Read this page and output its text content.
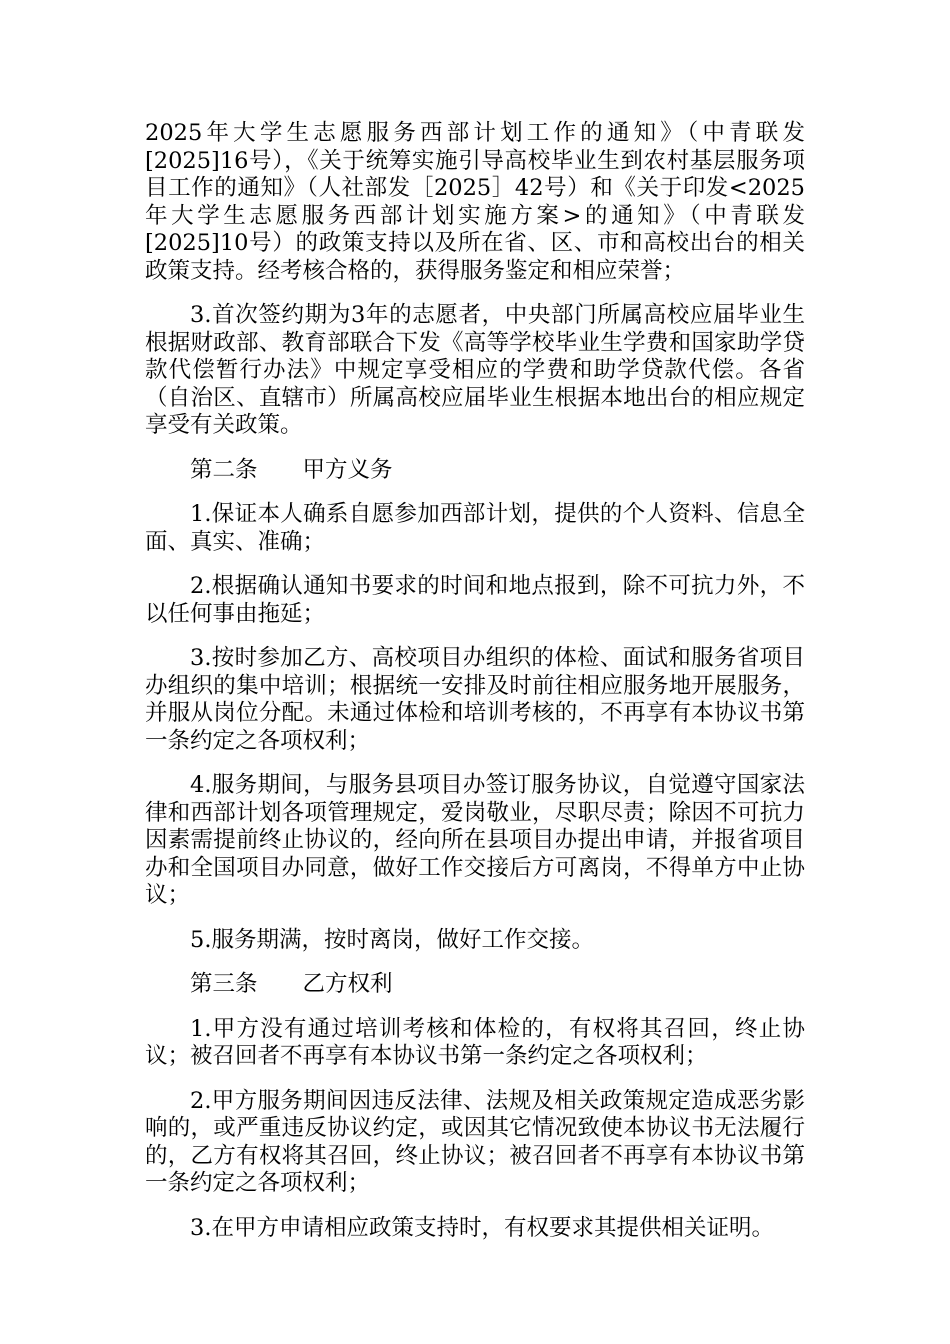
2025年大学生志愿服务西部计划工作的通知》（中青联发[2025]16号），《关于统筹实施引导高校毕业生到农村基层服务项目工作的通知》（人社部发［2025］42号）和《关于印发<2025年大学生志愿服务西部计划实施方案>的通知》（中青联发[2025]10号）的政策支持以及所在省、区、市和高校出台的相关政策支持。经考核合格的，获得服务鉴定和相应荣誉；

3.首次签约期为3年的志愿者，中央部门所属高校应届毕业生根据财政部、教育部联合下发《高等学校毕业生学费和国家助学贷款代偿暂行办法》中规定享受相应的学费和助学贷款代偿。各省（自治区、直辖市）所属高校应届毕业生根据本地出台的相应规定享受有关政策。

第二条　　甲方义务

1.保证本人确系自愿参加西部计划，提供的个人资料、信息全面、真实、准确；

2.根据确认通知书要求的时间和地点报到，除不可抗力外，不以任何事由拖延；

3.按时参加乙方、高校项目办组织的体检、面试和服务省项目办组织的集中培训；根据统一安排及时前往相应服务地开展服务，并服从岗位分配。未通过体检和培训考核的，不再享有本协议书第一条约定之各项权利；

4.服务期间，与服务县项目办签订服务协议，自觉遵守国家法律和西部计划各项管理规定，爱岗敬业，尽职尽责；除因不可抗力因素需提前终止协议的，经向所在县项目办提出申请，并报省项目办和全国项目办同意，做好工作交接后方可离岗，不得单方中止协议；

5.服务期满，按时离岗，做好工作交接。

第三条　　乙方权利

1.甲方没有通过培训考核和体检的，有权将其召回，终止协议；被召回者不再享有本协议书第一条约定之各项权利；

2.甲方服务期间因违反法律、法规及相关政策规定造成恶劣影响的，或严重违反协议约定，或因其它情况致使本协议书无法履行的，乙方有权将其召回，终止协议；被召回者不再享有本协议书第一条约定之各项权利；

3.在甲方申请相应政策支持时，有权要求其提供相关证明。
